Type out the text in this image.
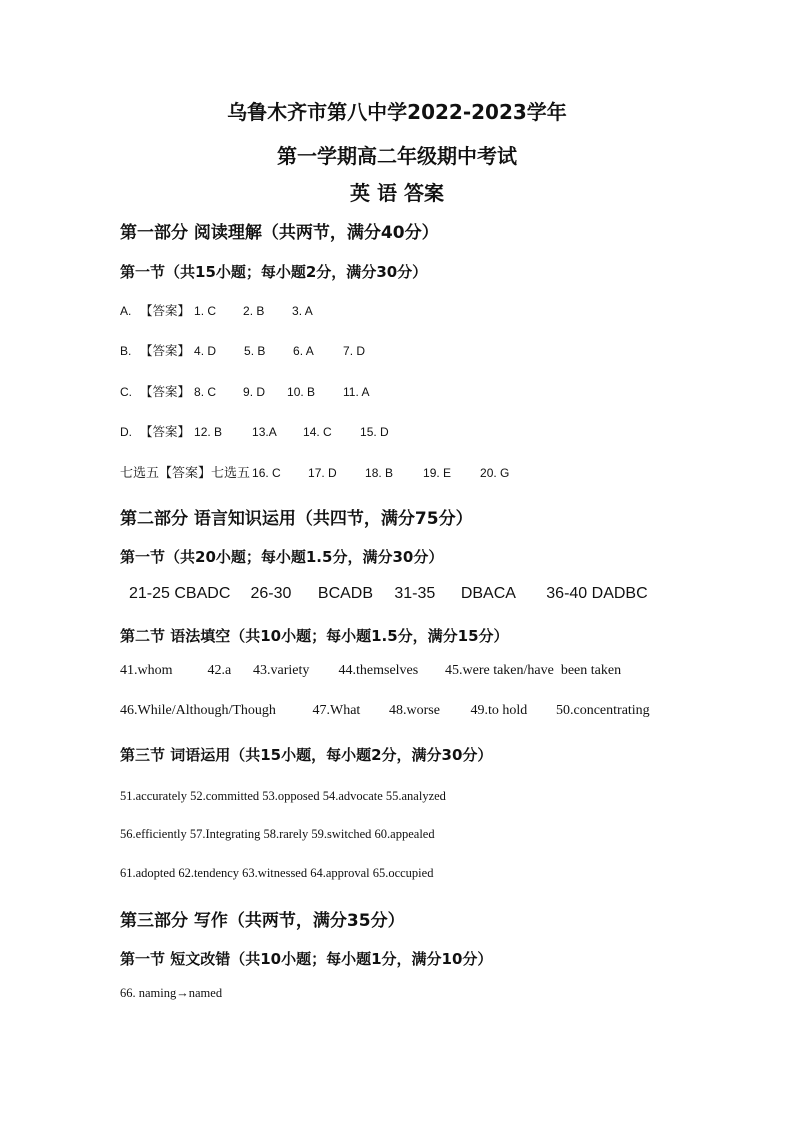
乌鲁木齐市第八中学2022-2023学年
第一学期高二年级期中考试
英 语 答案
第一部分 阅读理解（共两节，满分40分）
第一节（共15小题；每小题2分，满分30分）
A. 【答案】 1. C	2. B	3. A
B. 【答案】 4. D	5. B	6. A	7. D
C. 【答案】 8. C	9. D	10. B	11. A
D. 【答案】 12. B	13.A	14. C	15. D
七选五【答案】七选五 16. C	17. D	18. B	19. E	20. G
第二部分 语言知识运用（共四节，满分75分）
第一节（共20小题；每小题1.5分，满分30分）
21-25 CBADC 26-30 BCADB 31-35 DBACA 36-40 DADBC
第二节 语法填空（共10小题；每小题1.5分，满分15分）
41.whom	42.a 43.variety 44.themselves 45.were taken/have  been taken
46.While/Although/Though	47.What 48.worse 49.to hold 50.concentrating
第三节 词语运用（共15小题，每小题2分，满分30分）
51.accurately 52.committed 53.opposed 54.advocate 55.analyzed
56.efficiently 57.Integrating 58.rarely 59.switched 60.appealed
61.adopted 62.tendency 63.witnessed 64.approval 65.occupied
第三部分 写作（共两节，满分35分）
第一节 短文改错（共10小题；每小题1分，满分10分）
66. naming→named
